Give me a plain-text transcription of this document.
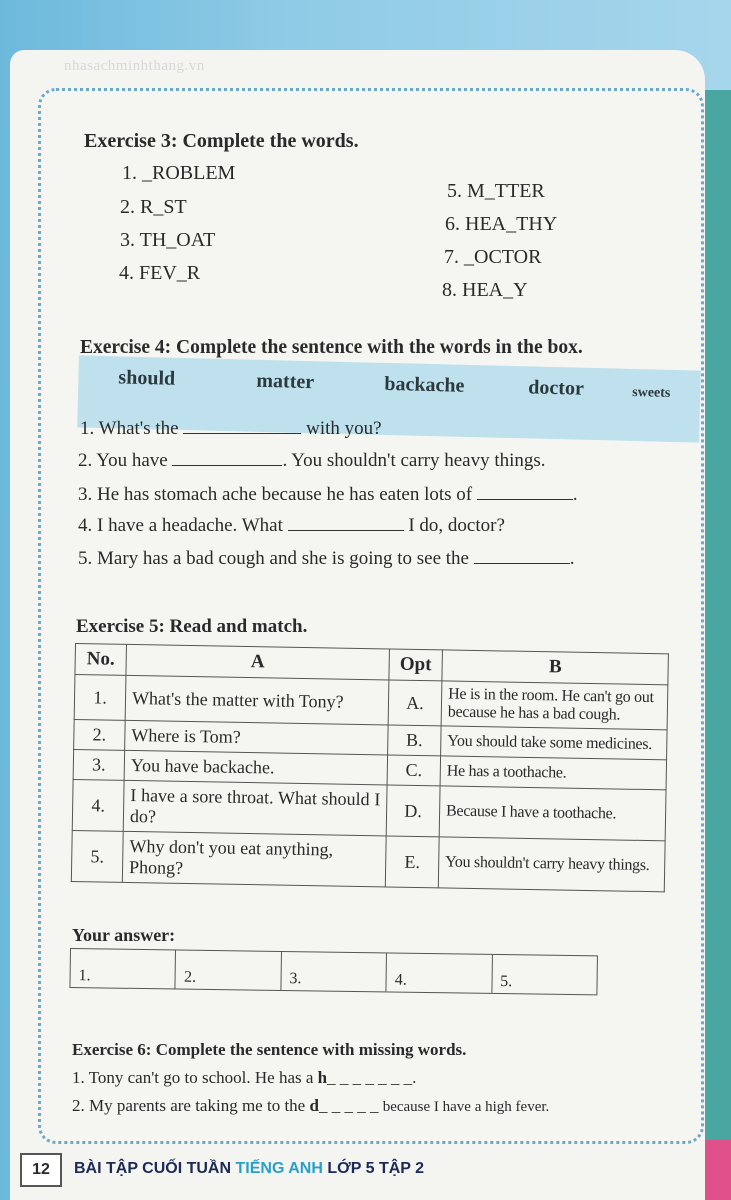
nhasachminhthang.vn
Exercise 3: Complete the words.
1. _ROBLEM
2. R_ST
3. TH_OAT
4. FEV_R
5. M_TTER
6. HEA_THY
7. _OCTOR
8. HEA_Y
Exercise 4: Complete the sentence with the words in the box.
should	matter	backache	doctor	sweets
1. What's the	with you?
2. You have	. You shouldn't carry heavy things.
3. He has stomach ache because he has eaten lots of	.
4. I have a headache. What	I do, doctor?
5. Mary has a bad cough and she is going to see the	.
Exercise 5: Read and match.
No.	A	Opt	B
1.	What's the matter with Tony?	A.	He is in the room. He can't go out because he has a bad cough.
2.	Where is Tom?	B.	You should take some medicines.
3.	You have backache.	C.	He has a toothache.
4.	I have a sore throat. What should I do?	D.	Because I have a toothache.
5.	Why don't you eat anything, Phong?	E.	You shouldn't carry heavy things.
Your answer:
1.	2.	3.	4.	5.
Exercise 6: Complete the sentence with missing words.
1. Tony can't go to school. He has a h_ _ _ _ _ _ _.
2. My parents are taking me to the d_ _ _ _ _ because I have a high fever.
12	BÀI TẬP CUỐI TUẦN TIẾNG ANH LỚP 5 TẬP 2
